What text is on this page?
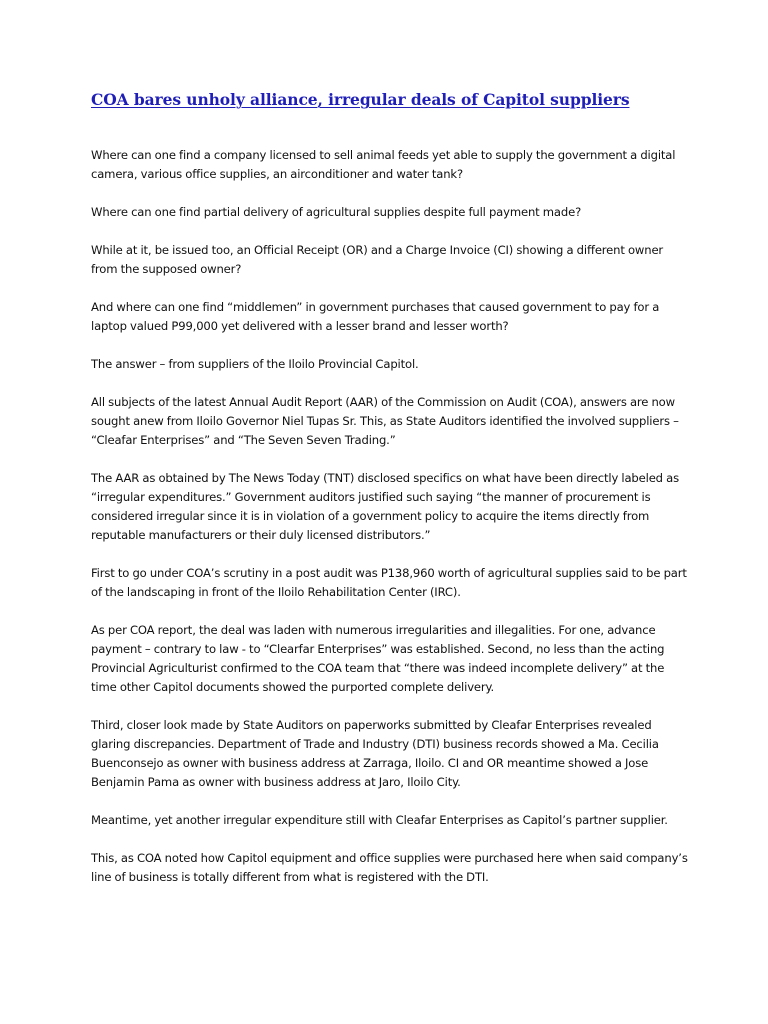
COA bares unholy alliance, irregular deals of Capitol suppliers

Where can one find a company licensed to sell animal feeds yet able to supply the government a digital camera, various office supplies, an airconditioner and water tank?

Where can one find partial delivery of agricultural supplies despite full payment made?

While at it, be issued too, an Official Receipt (OR) and a Charge Invoice (CI) showing a different owner from the supposed owner?

And where can one find “middlemen” in government purchases that caused government to pay for a laptop valued P99,000 yet delivered with a lesser brand and lesser worth?

The answer – from suppliers of the Iloilo Provincial Capitol.

All subjects of the latest Annual Audit Report (AAR) of the Commission on Audit (COA), answers are now sought anew from Iloilo Governor Niel Tupas Sr. This, as State Auditors identified the involved suppliers – “Cleafar Enterprises” and “The Seven Seven Trading.”

The AAR as obtained by The News Today (TNT) disclosed specifics on what have been directly labeled as “irregular expenditures.” Government auditors justified such saying “the manner of procurement is considered irregular since it is in violation of a government policy to acquire the items directly from reputable manufacturers or their duly licensed distributors.”

First to go under COA’s scrutiny in a post audit was P138,960 worth of agricultural supplies said to be part of the landscaping in front of the Iloilo Rehabilitation Center (IRC).

As per COA report, the deal was laden with numerous irregularities and illegalities. For one, advance payment – contrary to law - to “Clearfar Enterprises” was established. Second, no less than the acting Provincial Agriculturist confirmed to the COA team that “there was indeed incomplete delivery” at the time other Capitol documents showed the purported complete delivery.

Third, closer look made by State Auditors on paperworks submitted by Cleafar Enterprises revealed glaring discrepancies. Department of Trade and Industry (DTI) business records showed a Ma. Cecilia Buenconsejo as owner with business address at Zarraga, Iloilo. CI and OR meantime showed a Jose Benjamin Pama as owner with business address at Jaro, Iloilo City.

Meantime, yet another irregular expenditure still with Cleafar Enterprises as Capitol’s partner supplier.

This, as COA noted how Capitol equipment and office supplies were purchased here when said company’s line of business is totally different from what is registered with the DTI.
